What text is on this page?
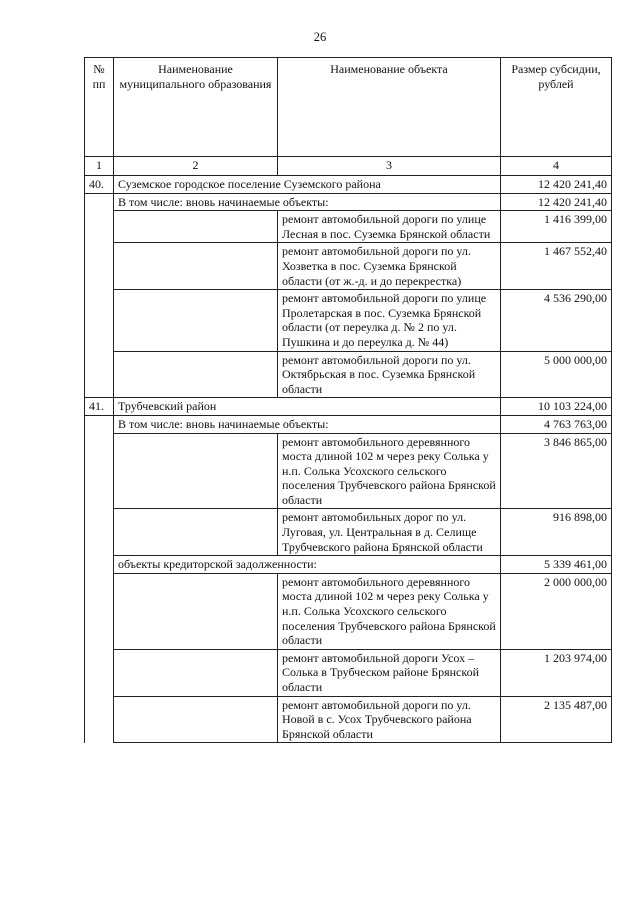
26
№ пп	Наименование муниципального образования	Наименование объекта	Размер субсидии, рублей
1	2	3	4
40.	Суземское городское поселение Суземского района		12 420 241,40
	В том числе: вновь начинаемые объекты:		12 420 241,40
		ремонт автомобильной дороги по улице Лесная в пос. Суземка Брянской области	1 416 399,00
		ремонт автомобильной дороги по ул. Хозветка в пос. Суземка Брянской области (от ж.-д. и до перекрестка)	1 467 552,40
		ремонт автомобильной дороги по улице Пролетарская в пос. Суземка Брянской области (от переулка д. № 2 по ул. Пушкина и до переулка д. № 44)	4 536 290,00
		ремонт автомобильной дороги по ул. Октябрьская в пос. Суземка Брянской области	5 000 000,00
41.	Трубчевский район		10 103 224,00
	В том числе: вновь начинаемые объекты:		4 763 763,00
		ремонт автомобильного деревянного моста длиной 102 м через реку Солька у н.п. Солька Усохского сельского поселения Трубчевского района Брянской области	3 846 865,00
		ремонт автомобильных дорог по ул. Луговая, ул. Центральная в д. Селище Трубчевского района Брянской области	916 898,00
	объекты кредиторской задолженности:		5 339 461,00
		ремонт автомобильного деревянного моста длиной 102 м через реку Солька у н.п. Солька Усохского сельского поселения Трубчевского района Брянской области	2 000 000,00
		ремонт автомобильной дороги Усох – Солька в Трубческом районе Брянской области	1 203 974,00
		ремонт автомобильной дороги по ул. Новой в с. Усох Трубчевского района Брянской области	2 135 487,00
